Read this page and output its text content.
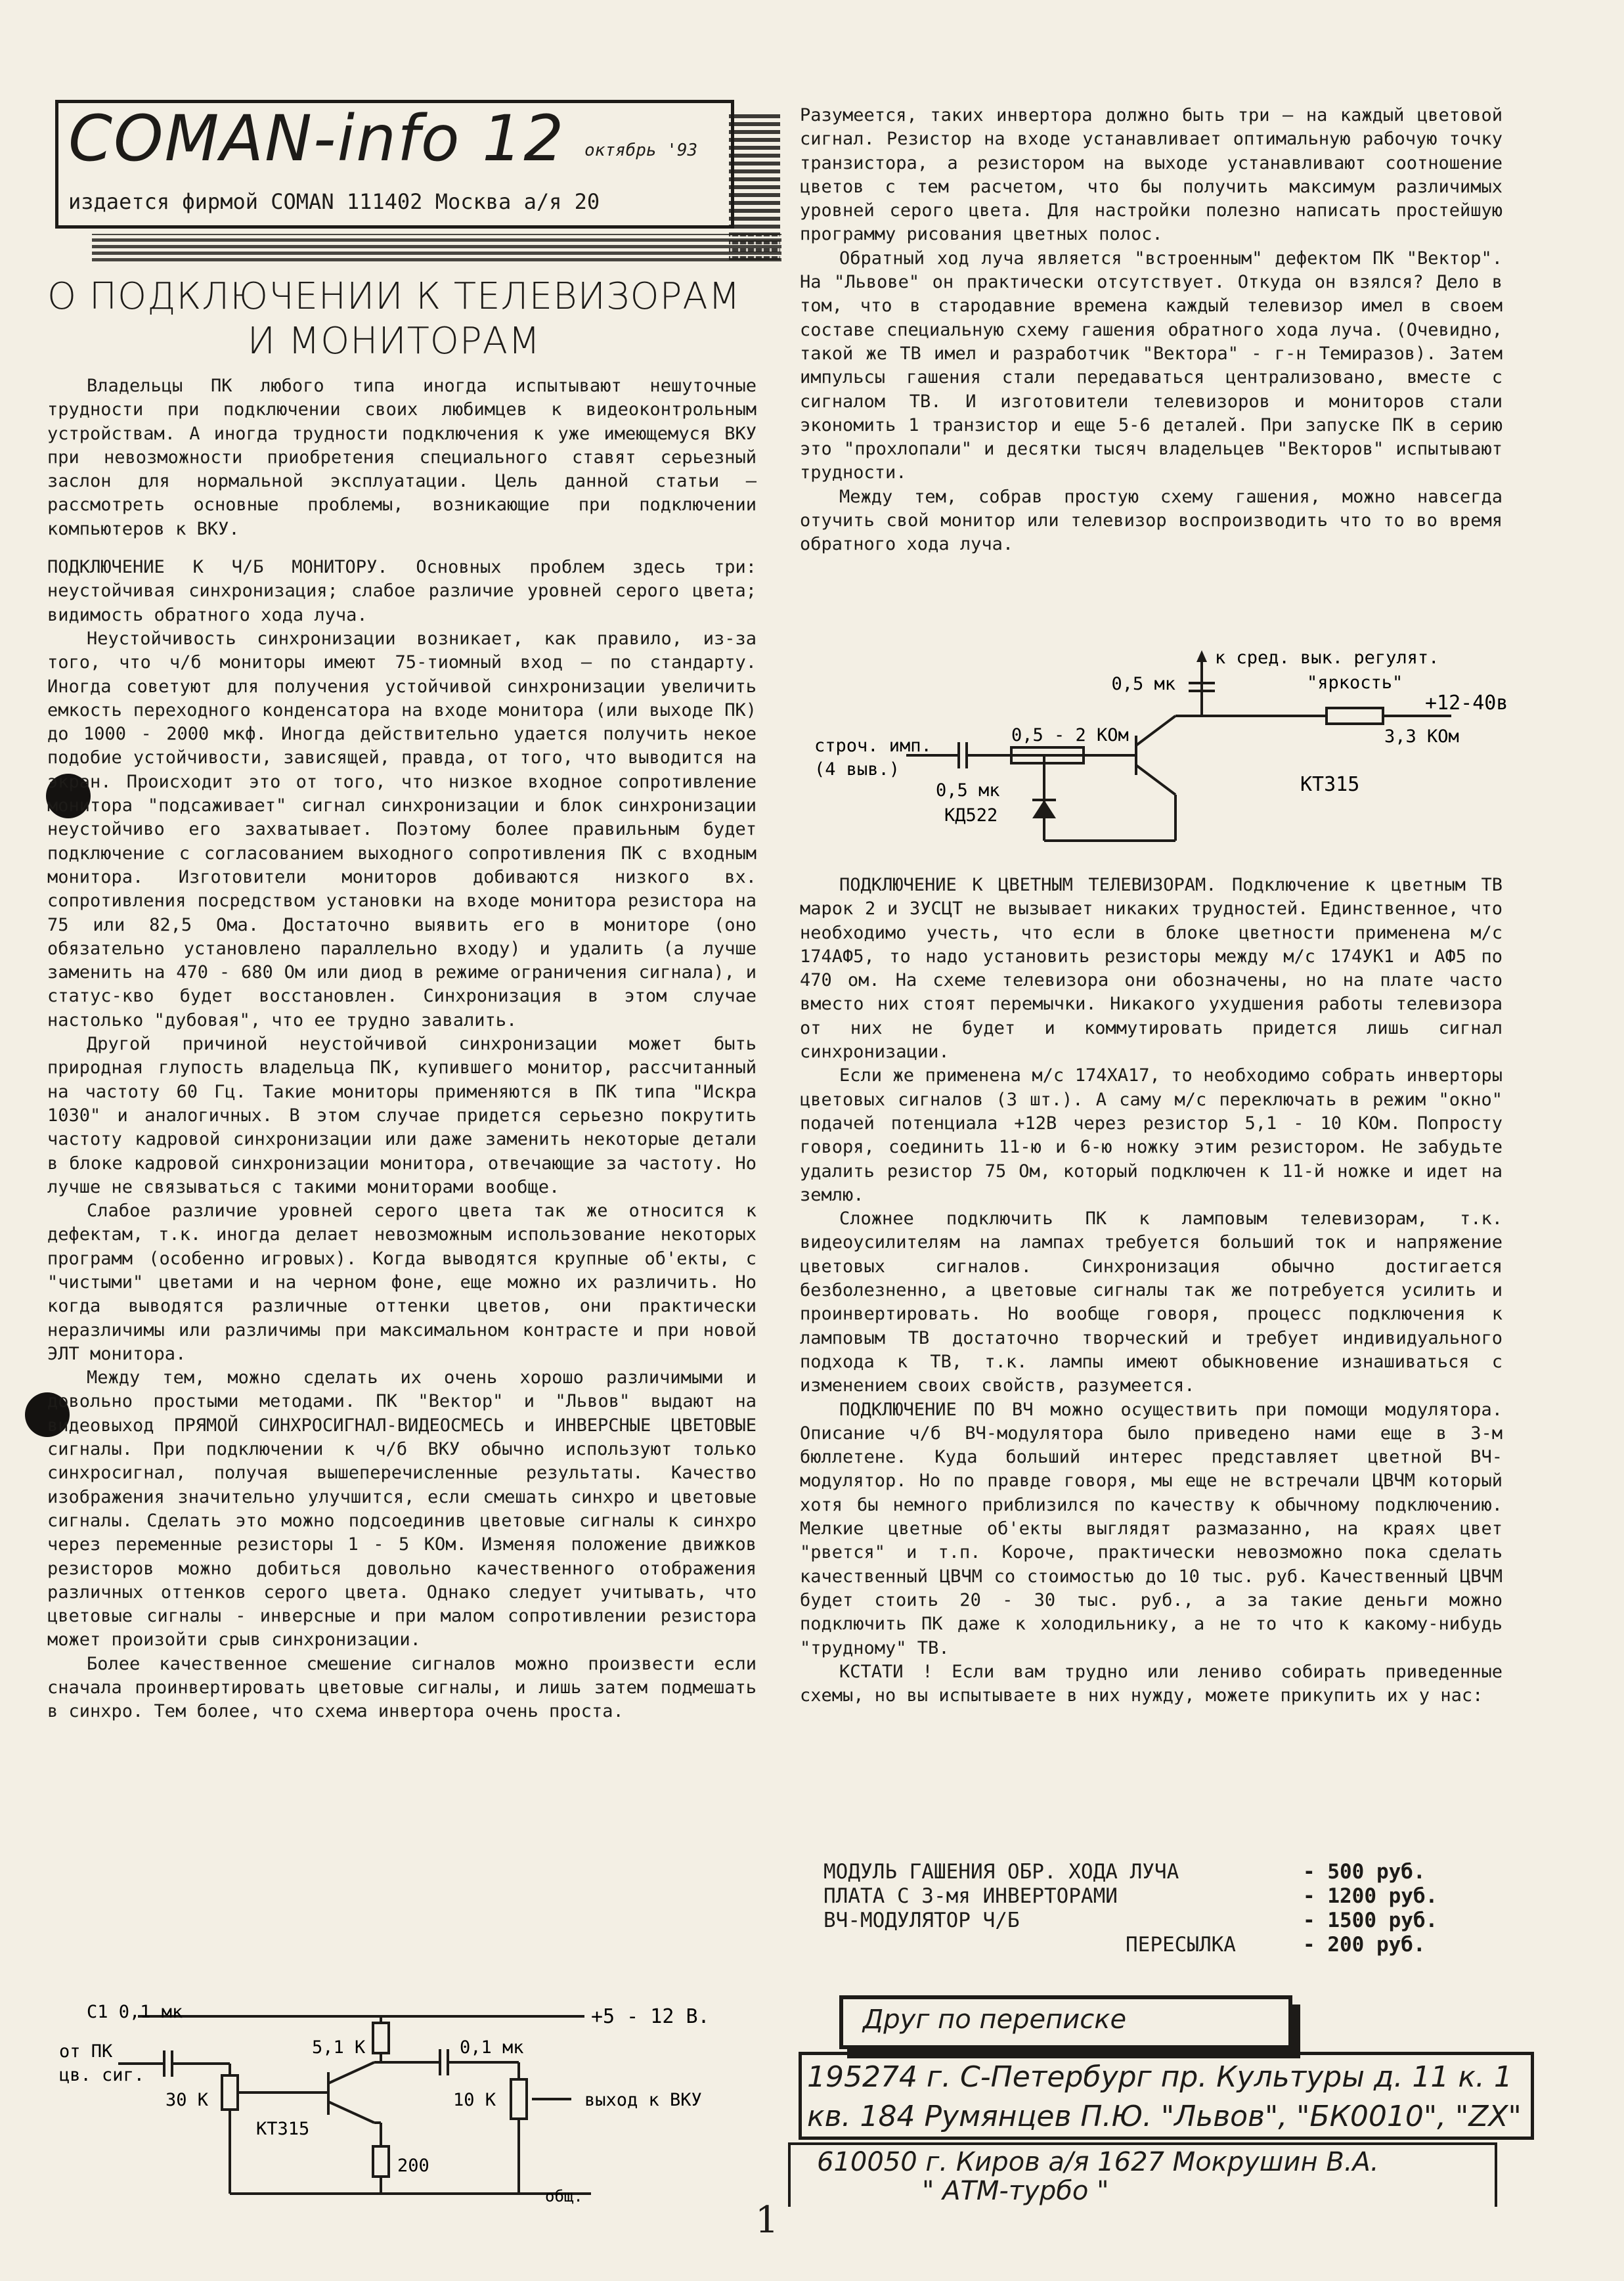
COMAN-info 12 октябрь '93
издается фирмой COMAN 111402 Москва а/я 20
О ПОДКЛЮЧЕНИИ К ТЕЛЕВИЗОРАМ
И МОНИТОРАМ

Владельцы ПК любого типа иногда испытывают нешуточные трудности при подключении своих любимцев к видеоконтрольным устройствам. А иногда трудности подключения к уже имеющемуся ВКУ при невозможности приобретения специального ставят серьезный заслон для нормальной эксплуатации. Цель данной статьи – рассмотреть основные проблемы, возникающие при подключении компьютеров к ВКУ.

ПОДКЛЮЧЕНИЕ К Ч/Б МОНИТОРУ. Основных проблем здесь три: неустойчивая синхронизация; слабое различие уровней серого цвета; видимость обратного хода луча.

Неустойчивость синхронизации возникает, как правило, из-за того, что ч/б мониторы имеют 75-тиомный вход – по стандарту. Иногда советуют для получения устойчивой синхронизации увеличить емкость переходного конденсатора на входе монитора (или выходе ПК) до 1000 - 2000 мкф. Иногда действительно удается получить некое подобие устойчивости, зависящей, правда, от того, что выводится на экран. Происходит это от того, что низкое входное сопротивление монитора "подсаживает" сигнал синхронизации и блок синхронизации неустойчиво его захватывает. Поэтому более правильным будет подключение с согласованием выходного сопротивления ПК с входным монитора. Изготовители мониторов добиваются низкого вх. сопротивления посредством установки на входе монитора резистора на 75 или 82,5 Ома. Достаточно выявить его в мониторе (оно обязательно установлено параллельно входу) и удалить (а лучше заменить на 470 - 680 Ом или диод в режиме ограничения сигнала), и статус-кво будет восстановлен. Синхронизация в этом случае настолько "дубовая", что ее трудно завалить.

Другой причиной неустойчивой синхронизации может быть природная глупость владельца ПК, купившего монитор, рассчитанный на частоту 60 Гц. Такие мониторы применяются в ПК типа "Искра 1030" и аналогичных. В этом случае придется серьезно покрутить частоту кадровой синхронизации или даже заменить некоторые детали в блоке кадровой синхронизации монитора, отвечающие за частоту. Но лучше не связываться с такими мониторами вообще.

Слабое различие уровней серого цвета так же относится к дефектам, т.к. иногда делает невозможным использование некоторых программ (особенно игровых). Когда выводятся крупные об'екты, с "чистыми" цветами и на черном фоне, еще можно их различить. Но когда выводятся различные оттенки цветов, они практически неразличимы или различимы при максимальном контрасте и при новой ЭЛТ монитора.

Между тем, можно сделать их очень хорошо различимыми и довольно простыми методами. ПК "Вектор" и "Львов" выдают на видеовыход ПРЯМОЙ СИНХРОСИГНАЛ-ВИДЕОСМЕСЬ и ИНВЕРСНЫЕ ЦВЕТОВЫЕ сигналы. При подключении к ч/б ВКУ обычно используют только синхросигнал, получая вышеперечисленные результаты. Качество изображения значительно улучшится, если смешать синхро и цветовые сигналы. Сделать это можно подсоединив цветовые сигналы к синхро через переменные резисторы 1 - 5 КОм. Изменяя положение движков резисторов можно добиться довольно качественного отображения различных оттенков серого цвета. Однако следует учитывать, что цветовые сигналы - инверсные и при малом сопротивлении резистора может произойти срыв синхронизации.

Более качественное смешение сигналов можно произвести если сначала проинвертировать цветовые сигналы, и лишь затем подмешать в синхро. Тем более, что схема инвертора очень проста.

С1 0,1 мк	+5 - 12 В.
от ПК
цв. сиг.
5,1 К	0,1 мк
30 К
КТ315
10 К	выход к ВКУ
200
общ.

Разумеется, таких инвертора должно быть три – на каждый цветовой сигнал. Резистор на входе устанавливает оптимальную рабочую точку транзистора, а резистором на выходе устанавливают соотношение цветов с тем расчетом, что бы получить максимум различимых уровней серого цвета. Для настройки полезно написать простейшую программу рисования цветных полос.

Обратный ход луча является "встроенным" дефектом ПК "Вектор". На "Львове" он практически отсутствует. Откуда он взялся? Дело в том, что в стародавние времена каждый телевизор имел в своем составе специальную схему гашения обратного хода луча. (Очевидно, такой же ТВ имел и разработчик "Вектора" - г-н Темиразов). Затем импульсы гашения стали передаваться централизовано, вместе с сигналом ТВ. И изготовители телевизоров и мониторов стали экономить 1 транзистор и еще 5-6 деталей. При запуске ПК в серию это "прохлопали" и десятки тысяч владельцев "Векторов" испытывают трудности.

Между тем, собрав простую схему гашения, можно навсегда отучить свой монитор или телевизор воспроизводить что то во время обратного хода луча.

к сред. вык. регулят.
"яркость"
0,5 мк
+12-40в
3,3 КОм
строч. имп.
(4 выв.)
0,5 - 2 КОм
0,5 мк
КД522
КТ315

ПОДКЛЮЧЕНИЕ К ЦВЕТНЫМ ТЕЛЕВИЗОРАМ. Подключение к цветным ТВ марок 2 и ЗУСЦТ не вызывает никаких трудностей. Единственное, что необходимо учесть, что если в блоке цветности применена м/с 174АФ5, то надо установить резисторы между м/с 174УК1 и АФ5 по 470 ом. На схеме телевизора они обозначены, но на плате часто вместо них стоят перемычки. Никакого ухудшения работы телевизора от них не будет и коммутировать придется лишь сигнал синхронизации.

Если же применена м/с 174ХА17, то необходимо собрать инверторы цветовых сигналов (3 шт.). А саму м/с переключать в режим "окно" подачей потенциала +12В через резистор 5,1 - 10 КОм. Попросту говоря, соединить 11-ю и 6-ю ножку этим резистором. Не забудьте удалить резистор 75 Ом, который подключен к 11-й ножке и идет на землю.

Сложнее подключить ПК к ламповым телевизорам, т.к. видеоусилителям на лампах требуется больший ток и напряжение цветовых сигналов. Синхронизация обычно достигается безболезненно, а цветовые сигналы так же потребуется усилить и проинвертировать. Но вообще говоря, процесс подключения к ламповым ТВ достаточно творческий и требует индивидуального подхода к ТВ, т.к. лампы имеют обыкновение изнашиваться с изменением своих свойств, разумеется.

ПОДКЛЮЧЕНИЕ ПО ВЧ можно осуществить при помощи модулятора. Описание ч/б ВЧ-модулятора было приведено нами еще в 3-м бюллетене. Куда больший интерес представляет цветной ВЧ-модулятор. Но по правде говоря, мы еще не встречали ЦВЧМ который хотя бы немного приблизился по качеству к обычному подключению. Мелкие цветные об'екты выглядят размазанно, на краях цвет "рвется" и т.п. Короче, практически невозможно пока сделать качественный ЦВЧМ со стоимостью до 10 тыс. руб. Качественный ЦВЧМ будет стоить 20 - 30 тыс. руб., а за такие деньги можно подключить ПК даже к холодильнику, а не то что к какому-нибудь "трудному" ТВ.

КСТАТИ ! Если вам трудно или лениво собирать приведенные схемы, но вы испытываете в них нужду, можете прикупить их у нас:

МОДУЛЬ ГАШЕНИЯ ОБР. ХОДА ЛУЧА	- 500 руб.
ПЛАТА С 3-мя ИНВЕРТОРАМИ	- 1200 руб.
ВЧ-МОДУЛЯТОР Ч/Б	- 1500 руб.
ПЕРЕСЫЛКА	- 200 руб.
Друг по переписке
195274 г. С-Петербург пр. Культуры д. 11 к. 1
кв. 184 Румянцев П.Ю. "Львов", "БК0010", "ZX"
610050 г. Киров а/я 1627 Мокрушин В.А.
" АТМ-турбо "
1
